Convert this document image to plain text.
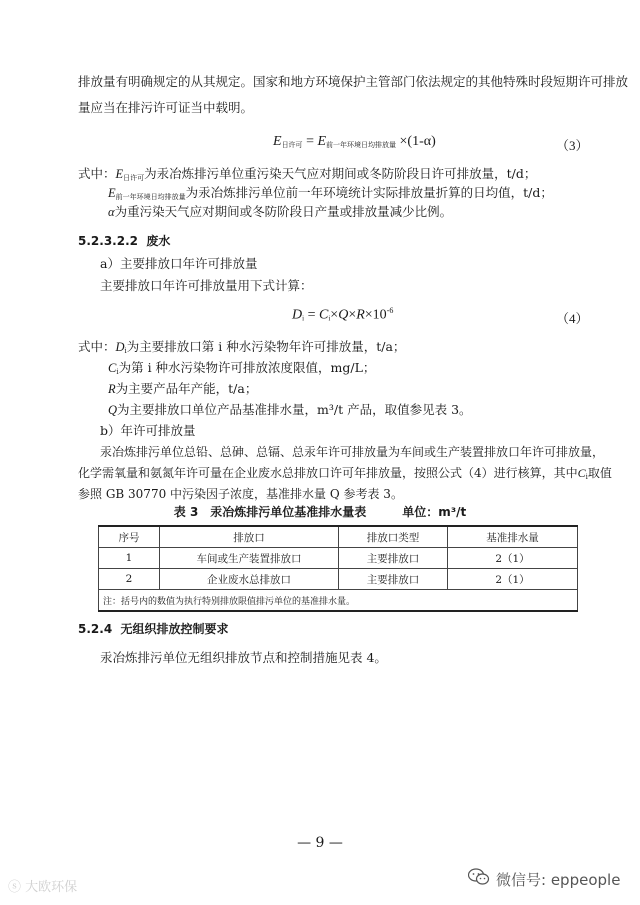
排放量有明确规定的从其规定。国家和地方环境保护主管部门依法规定的其他特殊时段短期许可排放
量应当在排污许可证当中载明。
E日许可 = E前一年环境日均排放量 ×(1-α)	（3）
式中：E日许可为汞冶炼排污单位重污染天气应对期间或冬防阶段日许可排放量，t/d；
E前一年环境日均排放量为汞冶炼排污单位前一年环境统计实际排放量折算的日均值，t/d；
α为重污染天气应对期间或冬防阶段日产量或排放量减少比例。
5.2.3.2.2 废水
a）主要排放口年许可排放量
主要排放口年许可排放量用下式计算：
$D_i = C_i\times Q\times R\times 10^{-6}$
（4）
式中：$D_i$为主要排放口第 i 种水污染物年许可排放量，t/a；
$C_i$为第 i 种水污染物许可排放浓度限值，mg/L；
R为主要产品年产能，t/a；
Q为主要排放口单位产品基准排水量，m³/t 产品，取值参见表 3。
b）年许可排放量
汞冶炼排污单位总铅、总砷、总镉、总汞年许可排放量为车间或生产装置排放口年许可排放量，
化学需氧量和氨氮年许可量在企业废水总排放口许可年排放量，按照公式（4）进行核算，其中$C_i$取值
参照 GB 30770 中污染因子浓度，基准排水量 Q 参考表 3。
表 3　汞冶炼排污单位基准排水量表　　　单位：m³/t
序号	排放口	排放口类型	基准排水量
1	车间或生产装置排放口	主要排放口	2（1）
2	企业废水总排放口	主要排放口	2（1）
注：括号内的数值为执行特别排放限值排污单位的基准排水量。			
5.2.4 无组织排放控制要求
汞冶炼排污单位无组织排放节点和控制措施见表 4。
— 9 —
ⓢ 大欧环保	微信号: eppeople
